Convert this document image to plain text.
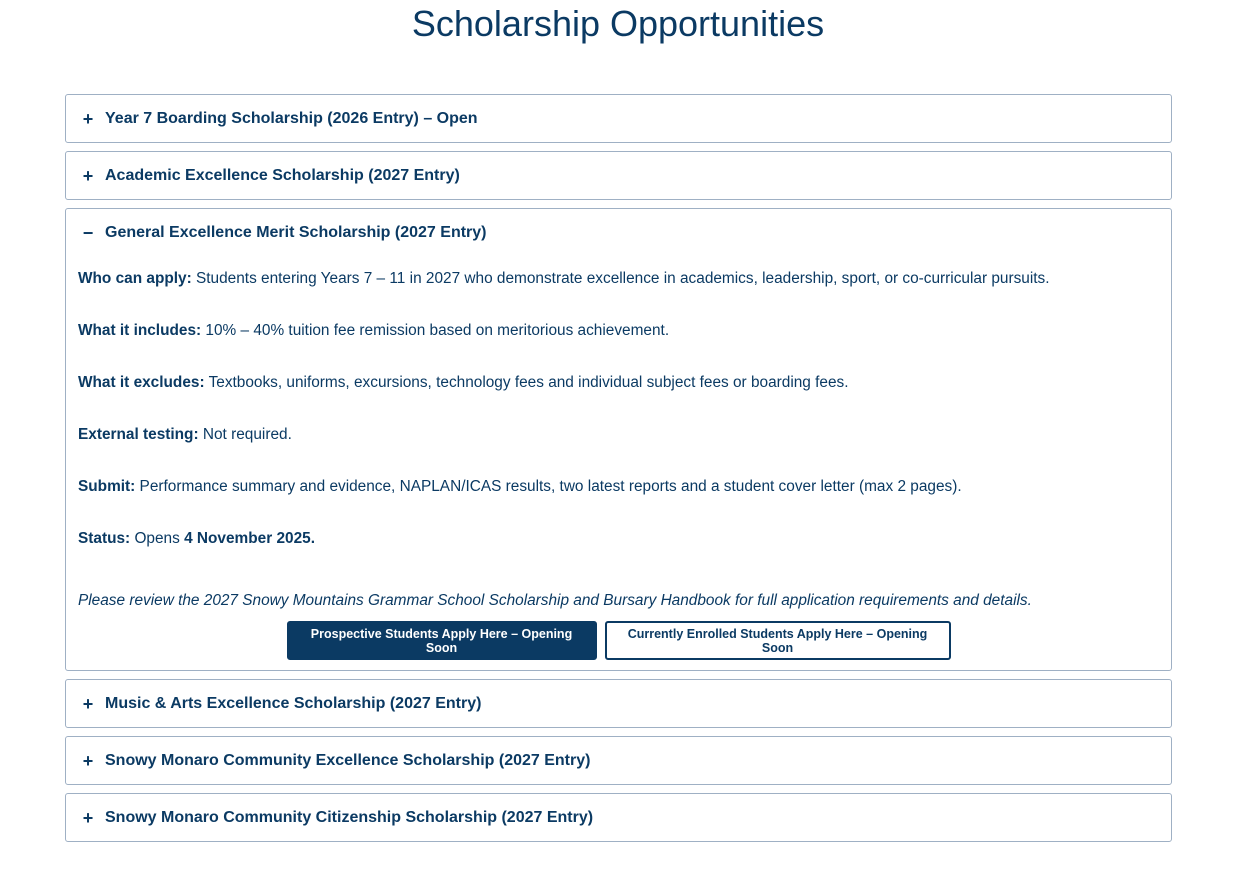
Scholarship Opportunities
+ Year 7 Boarding Scholarship (2026 Entry) – Open
+ Academic Excellence Scholarship (2027 Entry)
− General Excellence Merit Scholarship (2027 Entry)

Who can apply: Students entering Years 7 – 11 in 2027 who demonstrate excellence in academics, leadership, sport, or co-curricular pursuits.

What it includes: 10% – 40% tuition fee remission based on meritorious achievement.

What it excludes: Textbooks, uniforms, excursions, technology fees and individual subject fees or boarding fees.

External testing: Not required.

Submit: Performance summary and evidence, NAPLAN/ICAS results, two latest reports and a student cover letter (max 2 pages).

Status: Opens 4 November 2025.

Please review the 2027 Snowy Mountains Grammar School Scholarship and Bursary Handbook for full application requirements and details.

Prospective Students Apply Here – Opening Soon
Currently Enrolled Students Apply Here – Opening Soon
+ Music & Arts Excellence Scholarship (2027 Entry)
+ Snowy Monaro Community Excellence Scholarship (2027 Entry)
+ Snowy Monaro Community Citizenship Scholarship (2027 Entry)
